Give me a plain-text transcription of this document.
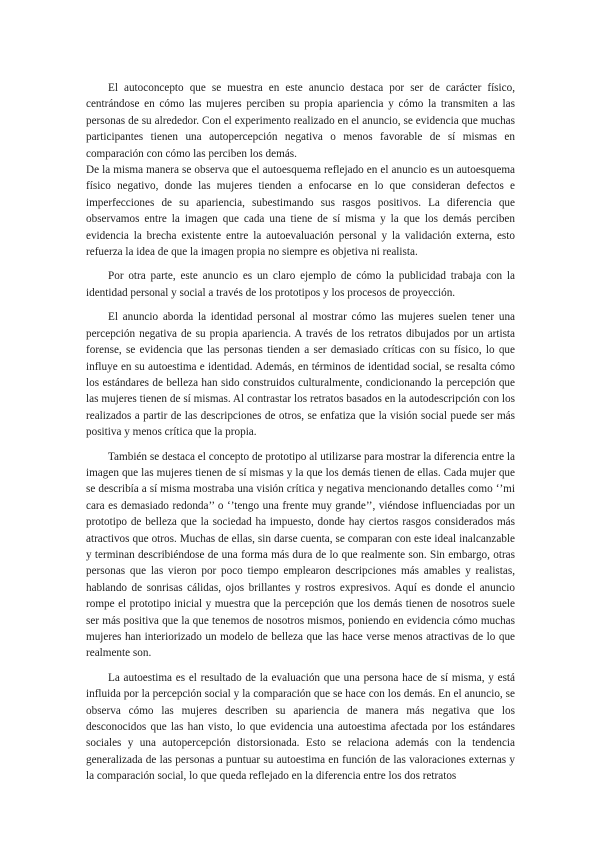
El autoconcepto que se muestra en este anuncio destaca por ser de carácter físico, centrándose en cómo las mujeres perciben su propia apariencia y cómo la transmiten a las personas de su alrededor. Con el experimento realizado en el anuncio, se evidencia que muchas participantes tienen una autopercepción negativa o menos favorable de sí mismas en comparación con cómo las perciben los demás.

De la misma manera se observa que el autoesquema reflejado en el anuncio es un autoesquema físico negativo, donde las mujeres tienden a enfocarse en lo que consideran defectos e imperfecciones de su apariencia, subestimando sus rasgos positivos. La diferencia que observamos entre la imagen que cada una tiene de sí misma y la que los demás perciben evidencia la brecha existente entre la autoevaluación personal y la validación externa, esto refuerza la idea de que la imagen propia no siempre es objetiva ni realista.

Por otra parte, este anuncio es un claro ejemplo de cómo la publicidad trabaja con la identidad personal y social a través de los prototipos y los procesos de proyección.

El anuncio aborda la identidad personal al mostrar cómo las mujeres suelen tener una percepción negativa de su propia apariencia. A través de los retratos dibujados por un artista forense, se evidencia que las personas tienden a ser demasiado críticas con su físico, lo que influye en su autoestima e identidad. Además, en términos de identidad social, se resalta cómo los estándares de belleza han sido construidos culturalmente, condicionando la percepción que las mujeres tienen de sí mismas. Al contrastar los retratos basados en la autodescripción con los realizados a partir de las descripciones de otros, se enfatiza que la visión social puede ser más positiva y menos crítica que la propia.

También se destaca el concepto de prototipo al utilizarse para mostrar la diferencia entre la imagen que las mujeres tienen de sí mismas y la que los demás tienen de ellas. Cada mujer que se describía a sí misma mostraba una visión crítica y negativa mencionando detalles como ‘’mi cara es demasiado redonda’’ o ‘’tengo una frente muy grande’’, viéndose influenciadas por un prototipo de belleza que la sociedad ha impuesto, donde hay ciertos rasgos considerados más atractivos que otros. Muchas de ellas, sin darse cuenta, se comparan con este ideal inalcanzable y terminan describiéndose de una forma más dura de lo que realmente son. Sin embargo, otras personas que las vieron por poco tiempo emplearon descripciones más amables y realistas, hablando de sonrisas cálidas, ojos brillantes y rostros expresivos. Aquí es donde el anuncio rompe el prototipo inicial y muestra que la percepción que los demás tienen de nosotros suele ser más positiva que la que tenemos de nosotros mismos, poniendo en evidencia cómo muchas mujeres han interiorizado un modelo de belleza que las hace verse menos atractivas de lo que realmente son.

La autoestima es el resultado de la evaluación que una persona hace de sí misma, y está influida por la percepción social y la comparación que se hace con los demás. En el anuncio, se observa cómo las mujeres describen su apariencia de manera más negativa que los desconocidos que las han visto, lo que evidencia una autoestima afectada por los estándares sociales y una autopercepción distorsionada. Esto se relaciona además con la tendencia generalizada de las personas a puntuar su autoestima en función de las valoraciones externas y la comparación social, lo que queda reflejado en la diferencia entre los dos retratos
